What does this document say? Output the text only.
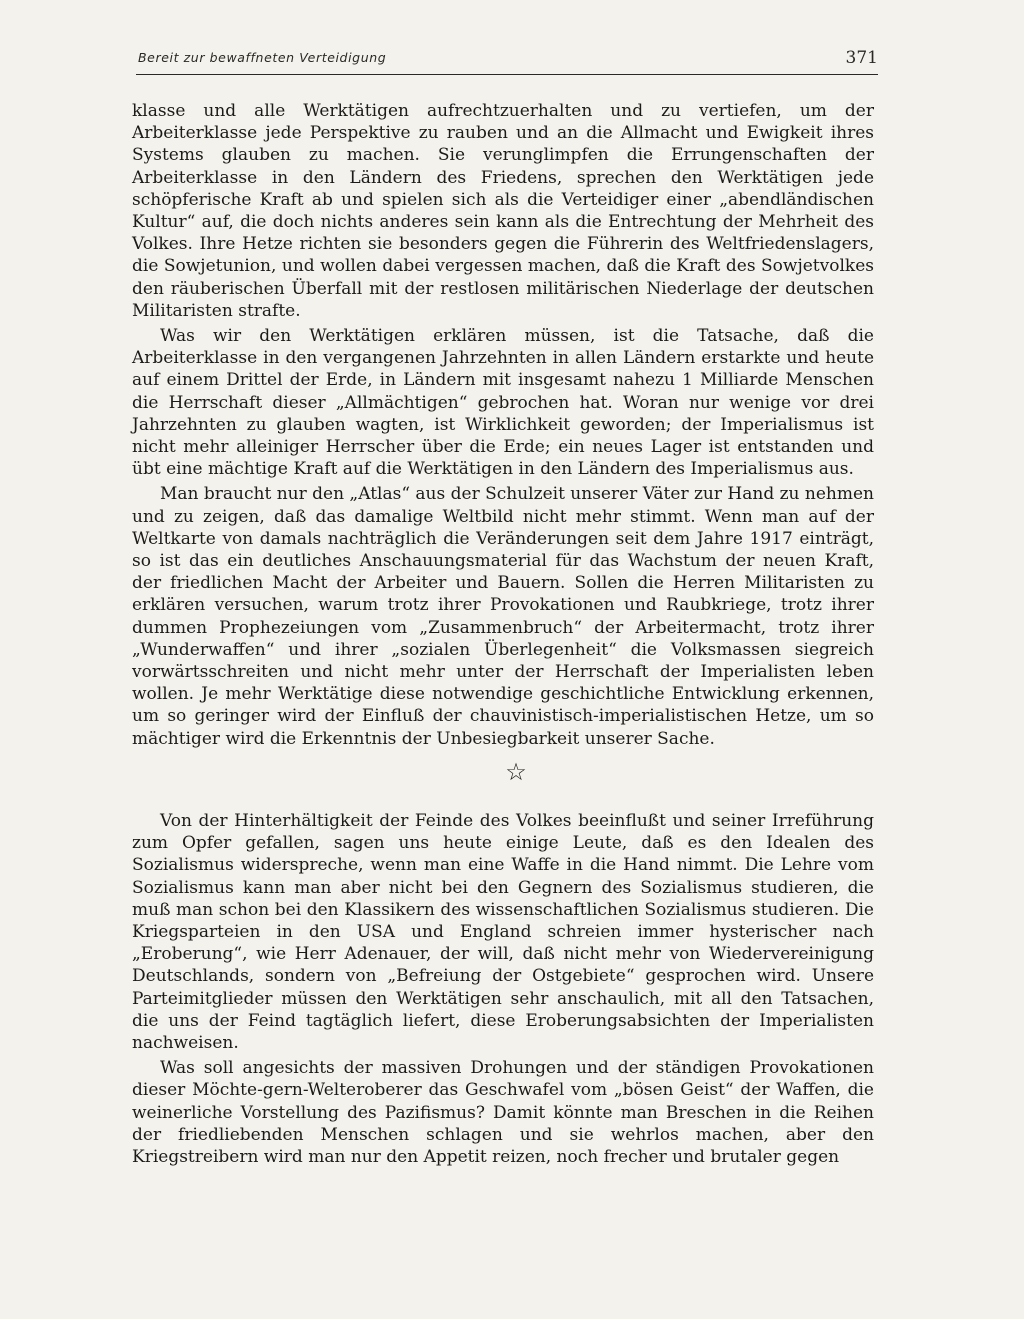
Bereit zur bewaffneten Verteidigung	371

klasse und alle Werktätigen aufrechtzuerhalten und zu vertiefen, um der Arbeiterklasse jede Perspektive zu rauben und an die Allmacht und Ewigkeit ihres Systems glauben zu machen. Sie verunglimpfen die Errungenschaften der Arbeiterklasse in den Ländern des Friedens, sprechen den Werktätigen jede schöpferische Kraft ab und spielen sich als die Verteidiger einer „abendländischen Kultur“ auf, die doch nichts anderes sein kann als die Entrechtung der Mehrheit des Volkes. Ihre Hetze richten sie besonders gegen die Führerin des Weltfriedenslagers, die Sowjetunion, und wollen dabei vergessen machen, daß die Kraft des Sowjetvolkes den räuberischen Überfall mit der restlosen militärischen Niederlage der deutschen Militaristen strafte.

Was wir den Werktätigen erklären müssen, ist die Tatsache, daß die Arbeiterklasse in den vergangenen Jahrzehnten in allen Ländern erstarkte und heute auf einem Drittel der Erde, in Ländern mit insgesamt nahezu 1 Milliarde Menschen die Herrschaft dieser „Allmächtigen“ gebrochen hat. Woran nur wenige vor drei Jahrzehnten zu glauben wagten, ist Wirklichkeit geworden; der Imperialismus ist nicht mehr alleiniger Herrscher über die Erde; ein neues Lager ist entstanden und übt eine mächtige Kraft auf die Werktätigen in den Ländern des Imperialismus aus.

Man braucht nur den „Atlas“ aus der Schulzeit unserer Väter zur Hand zu nehmen und zu zeigen, daß das damalige Weltbild nicht mehr stimmt. Wenn man auf der Weltkarte von damals nachträglich die Veränderungen seit dem Jahre 1917 einträgt, so ist das ein deutliches Anschauungsmaterial für das Wachstum der neuen Kraft, der friedlichen Macht der Arbeiter und Bauern. Sollen die Herren Militaristen zu erklären versuchen, warum trotz ihrer Provokationen und Raubkriege, trotz ihrer dummen Prophezeiungen vom „Zusammenbruch“ der Arbeitermacht, trotz ihrer „Wunderwaffen“ und ihrer „sozialen Überlegenheit“ die Volksmassen siegreich vorwärtsschreiten und nicht mehr unter der Herrschaft der Imperialisten leben wollen. Je mehr Werktätige diese notwendige geschichtliche Entwicklung erkennen, um so geringer wird der Einfluß der chauvinistisch-imperialistischen Hetze, um so mächtiger wird die Erkenntnis der Unbesiegbarkeit unserer Sache.

☆

Von der Hinterhältigkeit der Feinde des Volkes beeinflußt und seiner Irreführung zum Opfer gefallen, sagen uns heute einige Leute, daß es den Idealen des Sozialismus widerspreche, wenn man eine Waffe in die Hand nimmt. Die Lehre vom Sozialismus kann man aber nicht bei den Gegnern des Sozialismus studieren, die muß man schon bei den Klassikern des wissenschaftlichen Sozialismus studieren. Die Kriegsparteien in den USA und England schreien immer hysterischer nach „Eroberung“, wie Herr Adenauer, der will, daß nicht mehr von Wiedervereinigung Deutschlands, sondern von „Befreiung der Ostgebiete“ gesprochen wird. Unsere Parteimitglieder müssen den Werktätigen sehr anschaulich, mit all den Tatsachen, die uns der Feind tagtäglich liefert, diese Eroberungsabsichten der Imperialisten nachweisen.

Was soll angesichts der massiven Drohungen und der ständigen Provokationen dieser Möchte-gern-Welteroberer das Geschwafel vom „bösen Geist“ der Waffen, die weinerliche Vorstellung des Pazifismus? Damit könnte man Breschen in die Reihen der friedliebenden Menschen schlagen und sie wehrlos machen, aber den Kriegstreibern wird man nur den Appetit reizen, noch frecher und brutaler gegen
